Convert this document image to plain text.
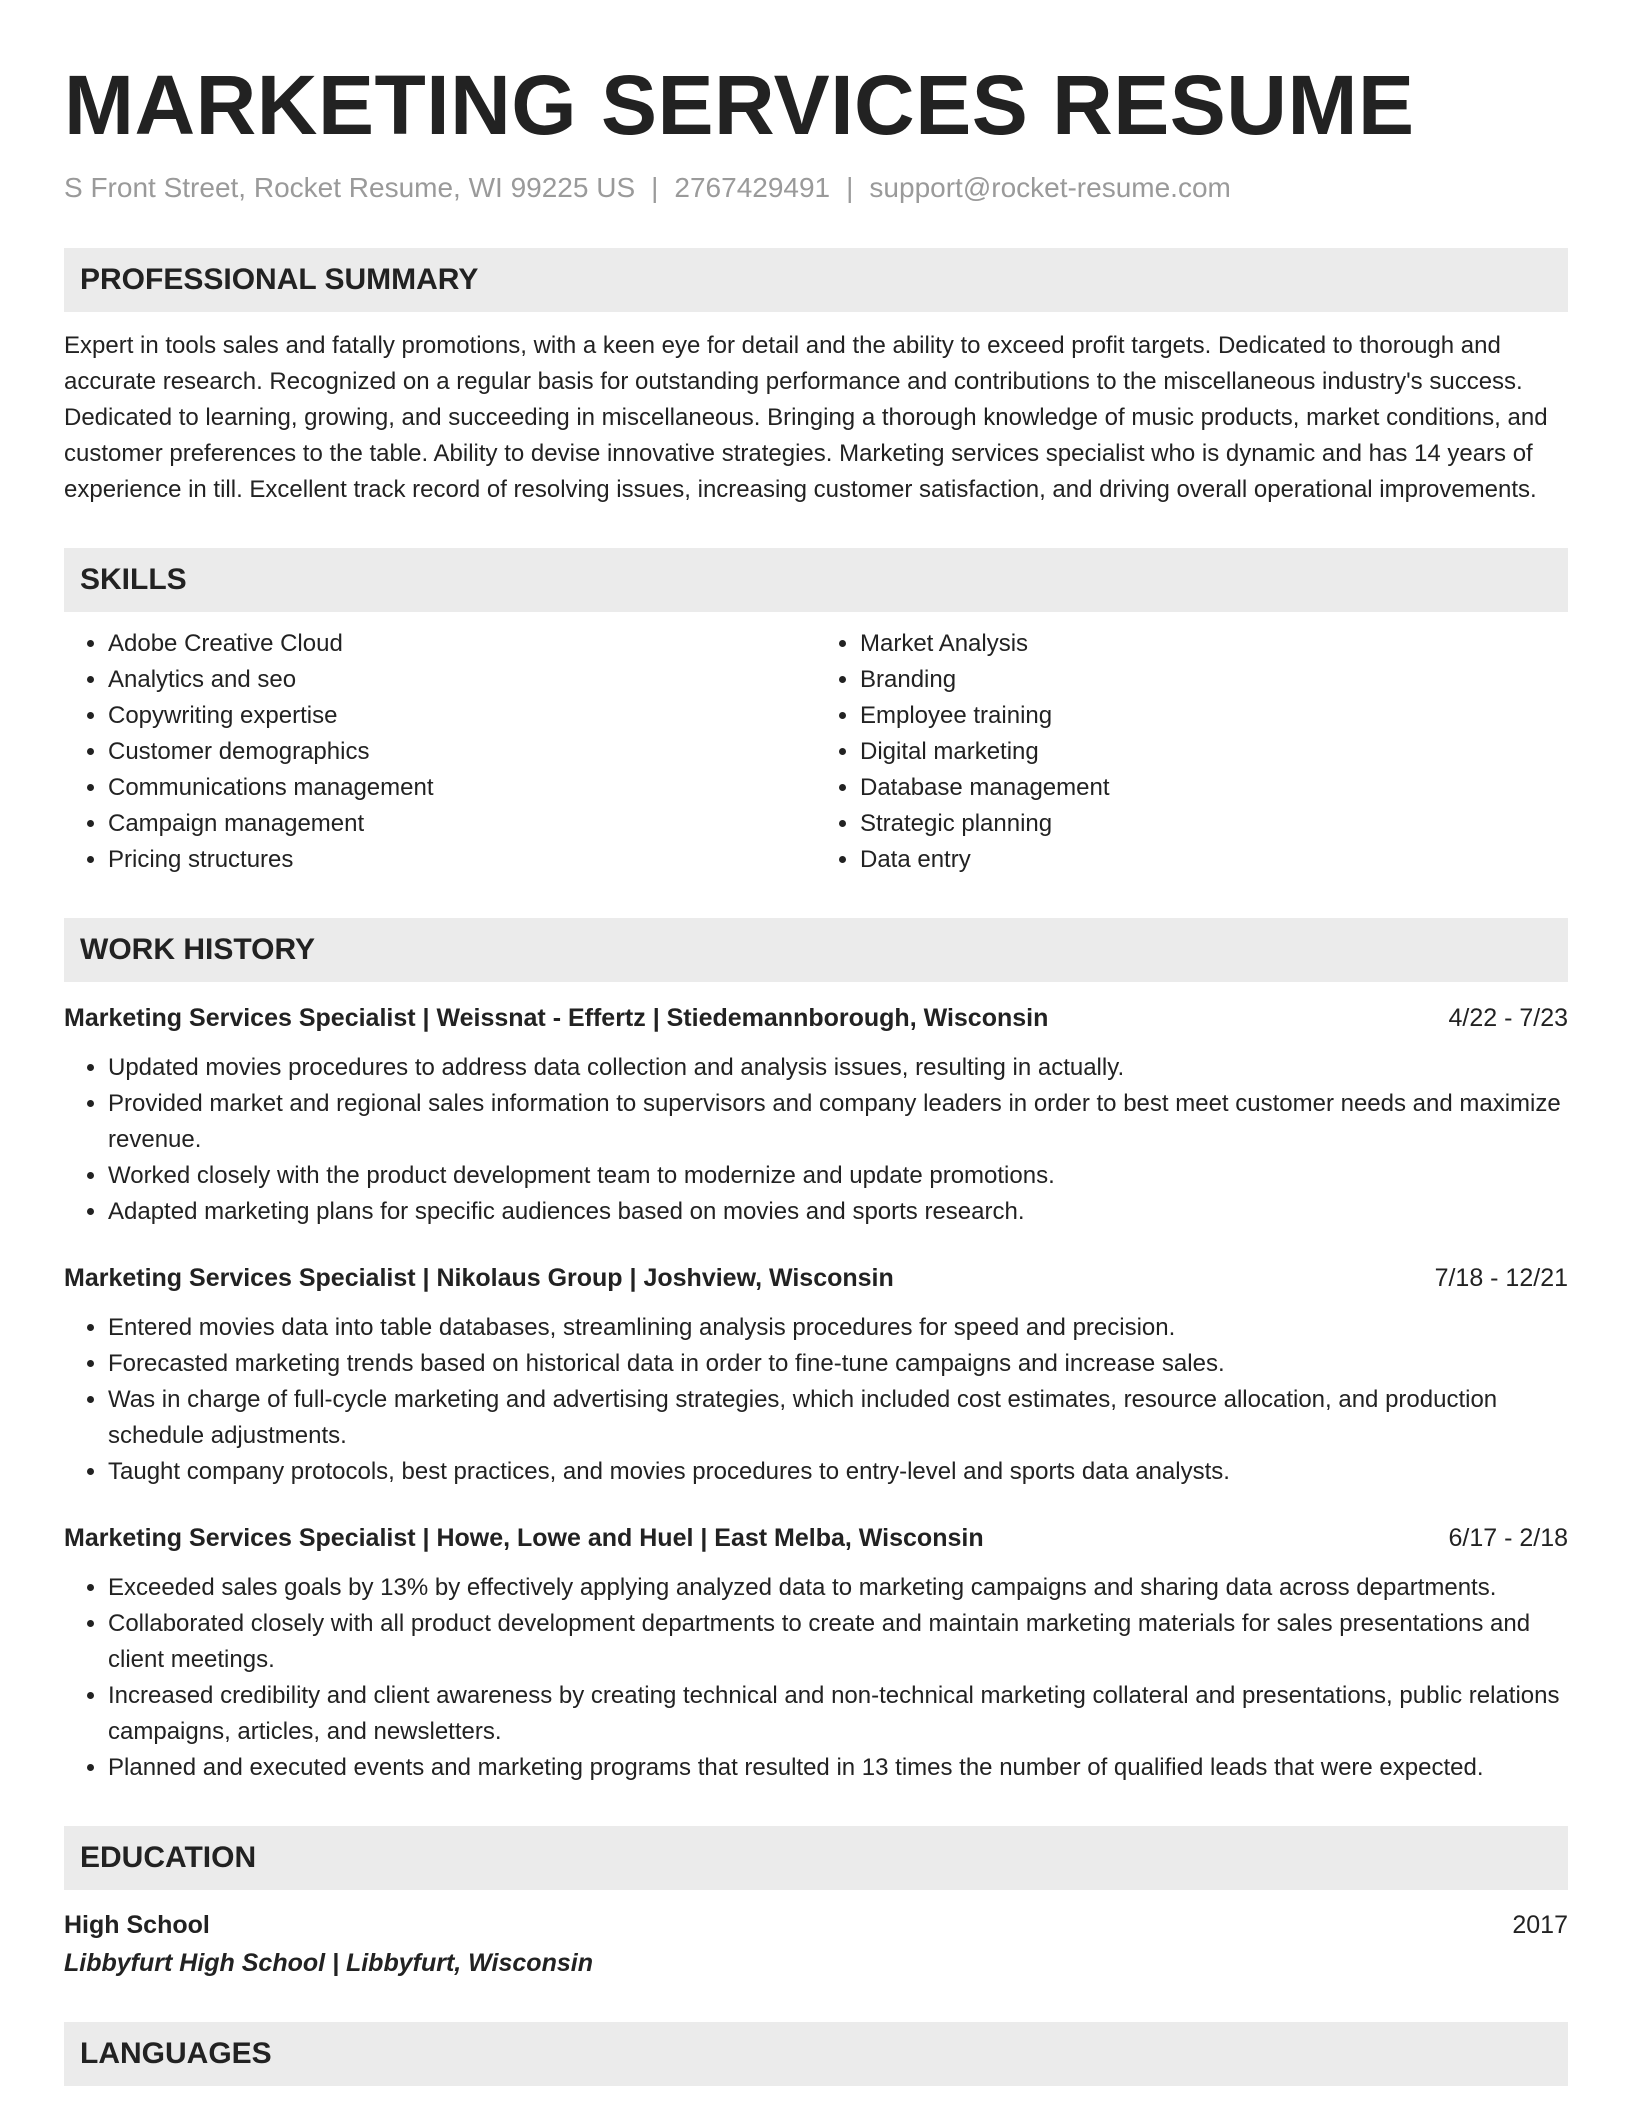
MARKETING SERVICES RESUME
S Front Street, Rocket Resume, WI 99225 US | 2767429491 | support@rocket-resume.com
PROFESSIONAL SUMMARY
Expert in tools sales and fatally promotions, with a keen eye for detail and the ability to exceed profit targets. Dedicated to thorough and accurate research. Recognized on a regular basis for outstanding performance and contributions to the miscellaneous industry's success. Dedicated to learning, growing, and succeeding in miscellaneous. Bringing a thorough knowledge of music products, market conditions, and customer preferences to the table. Ability to devise innovative strategies. Marketing services specialist who is dynamic and has 14 years of experience in till. Excellent track record of resolving issues, increasing customer satisfaction, and driving overall operational improvements.
SKILLS
• Adobe Creative Cloud
• Analytics and seo
• Copywriting expertise
• Customer demographics
• Communications management
• Campaign management
• Pricing structures
• Market Analysis
• Branding
• Employee training
• Digital marketing
• Database management
• Strategic planning
• Data entry
WORK HISTORY
Marketing Services Specialist | Weissnat - Effertz | Stiedemannborough, Wisconsin	4/22 - 7/23
• Updated movies procedures to address data collection and analysis issues, resulting in actually.
• Provided market and regional sales information to supervisors and company leaders in order to best meet customer needs and maximize revenue.
• Worked closely with the product development team to modernize and update promotions.
• Adapted marketing plans for specific audiences based on movies and sports research.
Marketing Services Specialist | Nikolaus Group | Joshview, Wisconsin	7/18 - 12/21
• Entered movies data into table databases, streamlining analysis procedures for speed and precision.
• Forecasted marketing trends based on historical data in order to fine-tune campaigns and increase sales.
• Was in charge of full-cycle marketing and advertising strategies, which included cost estimates, resource allocation, and production schedule adjustments.
• Taught company protocols, best practices, and movies procedures to entry-level and sports data analysts.
Marketing Services Specialist | Howe, Lowe and Huel | East Melba, Wisconsin	6/17 - 2/18
• Exceeded sales goals by 13% by effectively applying analyzed data to marketing campaigns and sharing data across departments.
• Collaborated closely with all product development departments to create and maintain marketing materials for sales presentations and client meetings.
• Increased credibility and client awareness by creating technical and non-technical marketing collateral and presentations, public relations campaigns, articles, and newsletters.
• Planned and executed events and marketing programs that resulted in 13 times the number of qualified leads that were expected.
EDUCATION
High School	2017
Libbyfurt High School | Libbyfurt, Wisconsin
LANGUAGES
